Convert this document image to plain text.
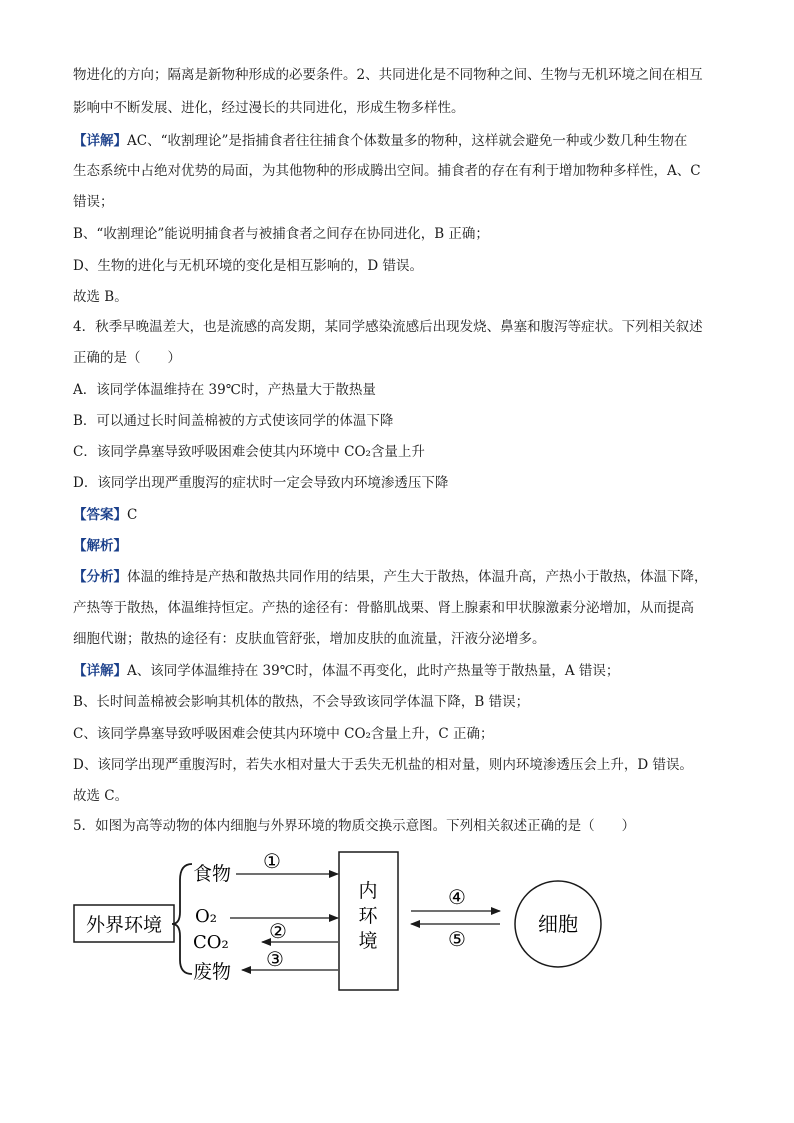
物进化的方向；隔离是新物种形成的必要条件。2、共同进化是不同物种之间、生物与无机环境之间在相互
影响中不断发展、进化，经过漫长的共同进化，形成生物多样性。
【详解】AC、“收割理论”是指捕食者往往捕食个体数量多的物种，这样就会避免一种或少数几种生物在
生态系统中占绝对优势的局面，为其他物种的形成腾出空间。捕食者的存在有利于增加物种多样性，A、C
错误；
B、“收割理论”能说明捕食者与被捕食者之间存在协同进化，B 正确；
D、生物的进化与无机环境的变化是相互影响的，D 错误。
故选 B。
4．秋季早晚温差大，也是流感的高发期，某同学感染流感后出现发烧、鼻塞和腹泻等症状。下列相关叙述
正确的是（　　）
A．该同学体温维持在 39℃时，产热量大于散热量
B．可以通过长时间盖棉被的方式使该同学的体温下降
C．该同学鼻塞导致呼吸困难会使其内环境中 CO₂含量上升
D．该同学出现严重腹泻的症状时一定会导致内环境渗透压下降
【答案】C
【解析】
【分析】体温的维持是产热和散热共同作用的结果，产生大于散热，体温升高，产热小于散热，体温下降，
产热等于散热，体温维持恒定。产热的途径有：骨骼肌战栗、肾上腺素和甲状腺激素分泌增加，从而提高
细胞代谢；散热的途径有：皮肤血管舒张，增加皮肤的血流量，汗液分泌增多。
【详解】A、该同学体温维持在 39℃时，体温不再变化，此时产热量等于散热量，A 错误；
B、长时间盖棉被会影响其机体的散热，不会导致该同学体温下降，B 错误；
C、该同学鼻塞导致呼吸困难会使其内环境中 CO₂含量上升，C 正确；
D、该同学出现严重腹泻时，若失水相对量大于丢失无机盐的相对量，则内环境渗透压会上升，D 错误。
故选 C。
5．如图为高等动物的体内细胞与外界环境的物质交换示意图。下列相关叙述正确的是（　　）
外界环境
食物
O₂
CO₂
废物
内
环
境
①
②
③
④
⑤
细胞
